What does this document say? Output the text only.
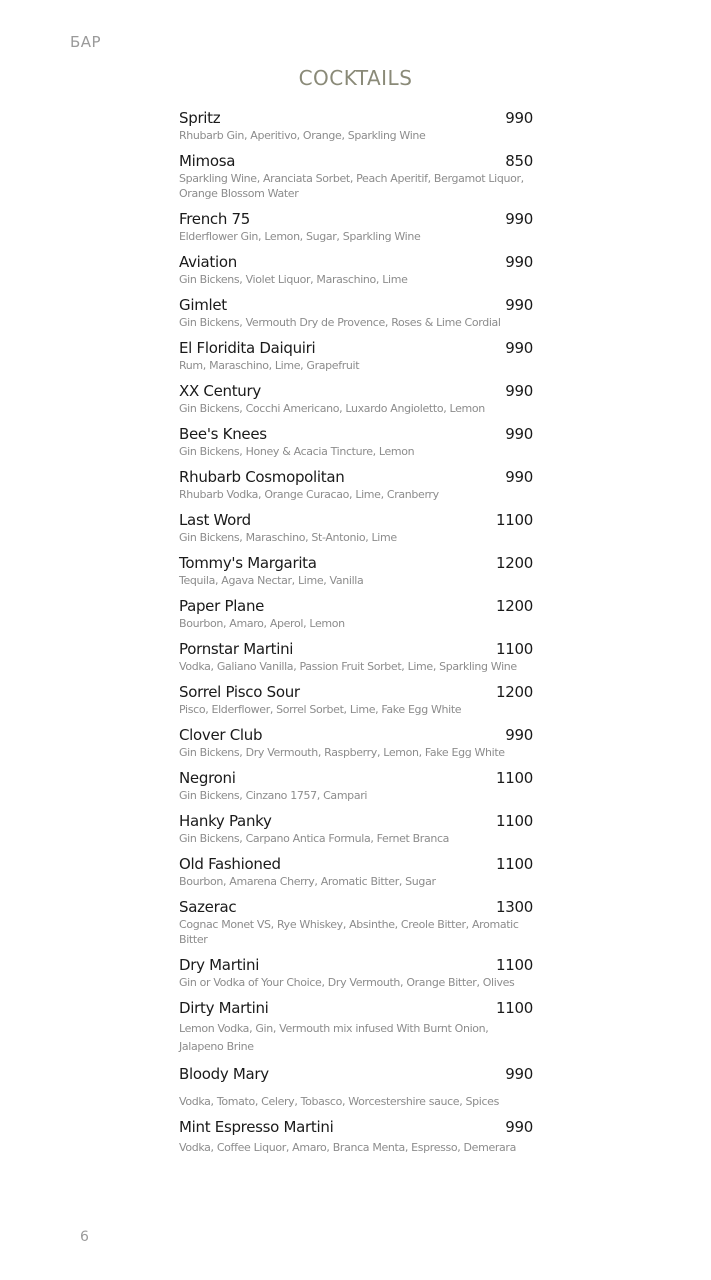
БАР
COCKTAILS
Spritz	990
Rhubarb Gin, Aperitivo, Orange, Sparkling Wine
Mimosa	850
Sparkling Wine, Aranciata Sorbet, Peach Aperitif, Bergamot Liquor, Orange Blossom Water
French 75	990
Elderflower Gin, Lemon, Sugar, Sparkling Wine
Aviation	990
Gin Bickens, Violet Liquor, Maraschino, Lime
Gimlet	990
Gin Bickens, Vermouth Dry de Provence, Roses & Lime Cordial
El Floridita Daiquiri	990
Rum, Maraschino, Lime, Grapefruit
XX Century	990
Gin Bickens, Cocchi Americano, Luxardo Angioletto, Lemon
Bee's Knees	990
Gin Bickens, Honey & Acacia Tincture, Lemon
Rhubarb Cosmopolitan	990
Rhubarb Vodka, Orange Curacao, Lime, Cranberry
Last Word	1100
Gin Bickens, Maraschino, St-Antonio, Lime
Tommy's Margarita	1200
Tequila, Agava Nectar, Lime, Vanilla
Paper Plane	1200
Bourbon, Amaro, Aperol, Lemon
Pornstar Martini	1100
Vodka, Galiano Vanilla, Passion Fruit Sorbet, Lime, Sparkling Wine
Sorrel Pisco Sour	1200
Pisco, Elderflower, Sorrel Sorbet, Lime, Fake Egg White
Clover Club	990
Gin Bickens, Dry Vermouth, Raspberry, Lemon, Fake Egg White
Negroni	1100
Gin Bickens, Cinzano 1757, Campari
Hanky Panky	1100
Gin Bickens, Carpano Antica Formula, Fernet Branca
Old Fashioned	1100
Bourbon, Amarena Cherry, Aromatic Bitter, Sugar
Sazerac	1300
Cognac Monet VS, Rye Whiskey, Absinthe, Creole Bitter, Aromatic Bitter
Dry Martini	1100
Gin or Vodka of Your Choice, Dry Vermouth, Orange Bitter, Olives
Dirty Martini	1100
Lemon Vodka, Gin, Vermouth mix infused With Burnt Onion, Jalapeno Brine
Bloody Mary	990
Vodka, Tomato, Celery, Tobasco, Worcestershire sauce, Spices
Mint Espresso Martini	990
Vodka, Coffee Liquor, Amaro, Branca Menta, Espresso, Demerara
6
